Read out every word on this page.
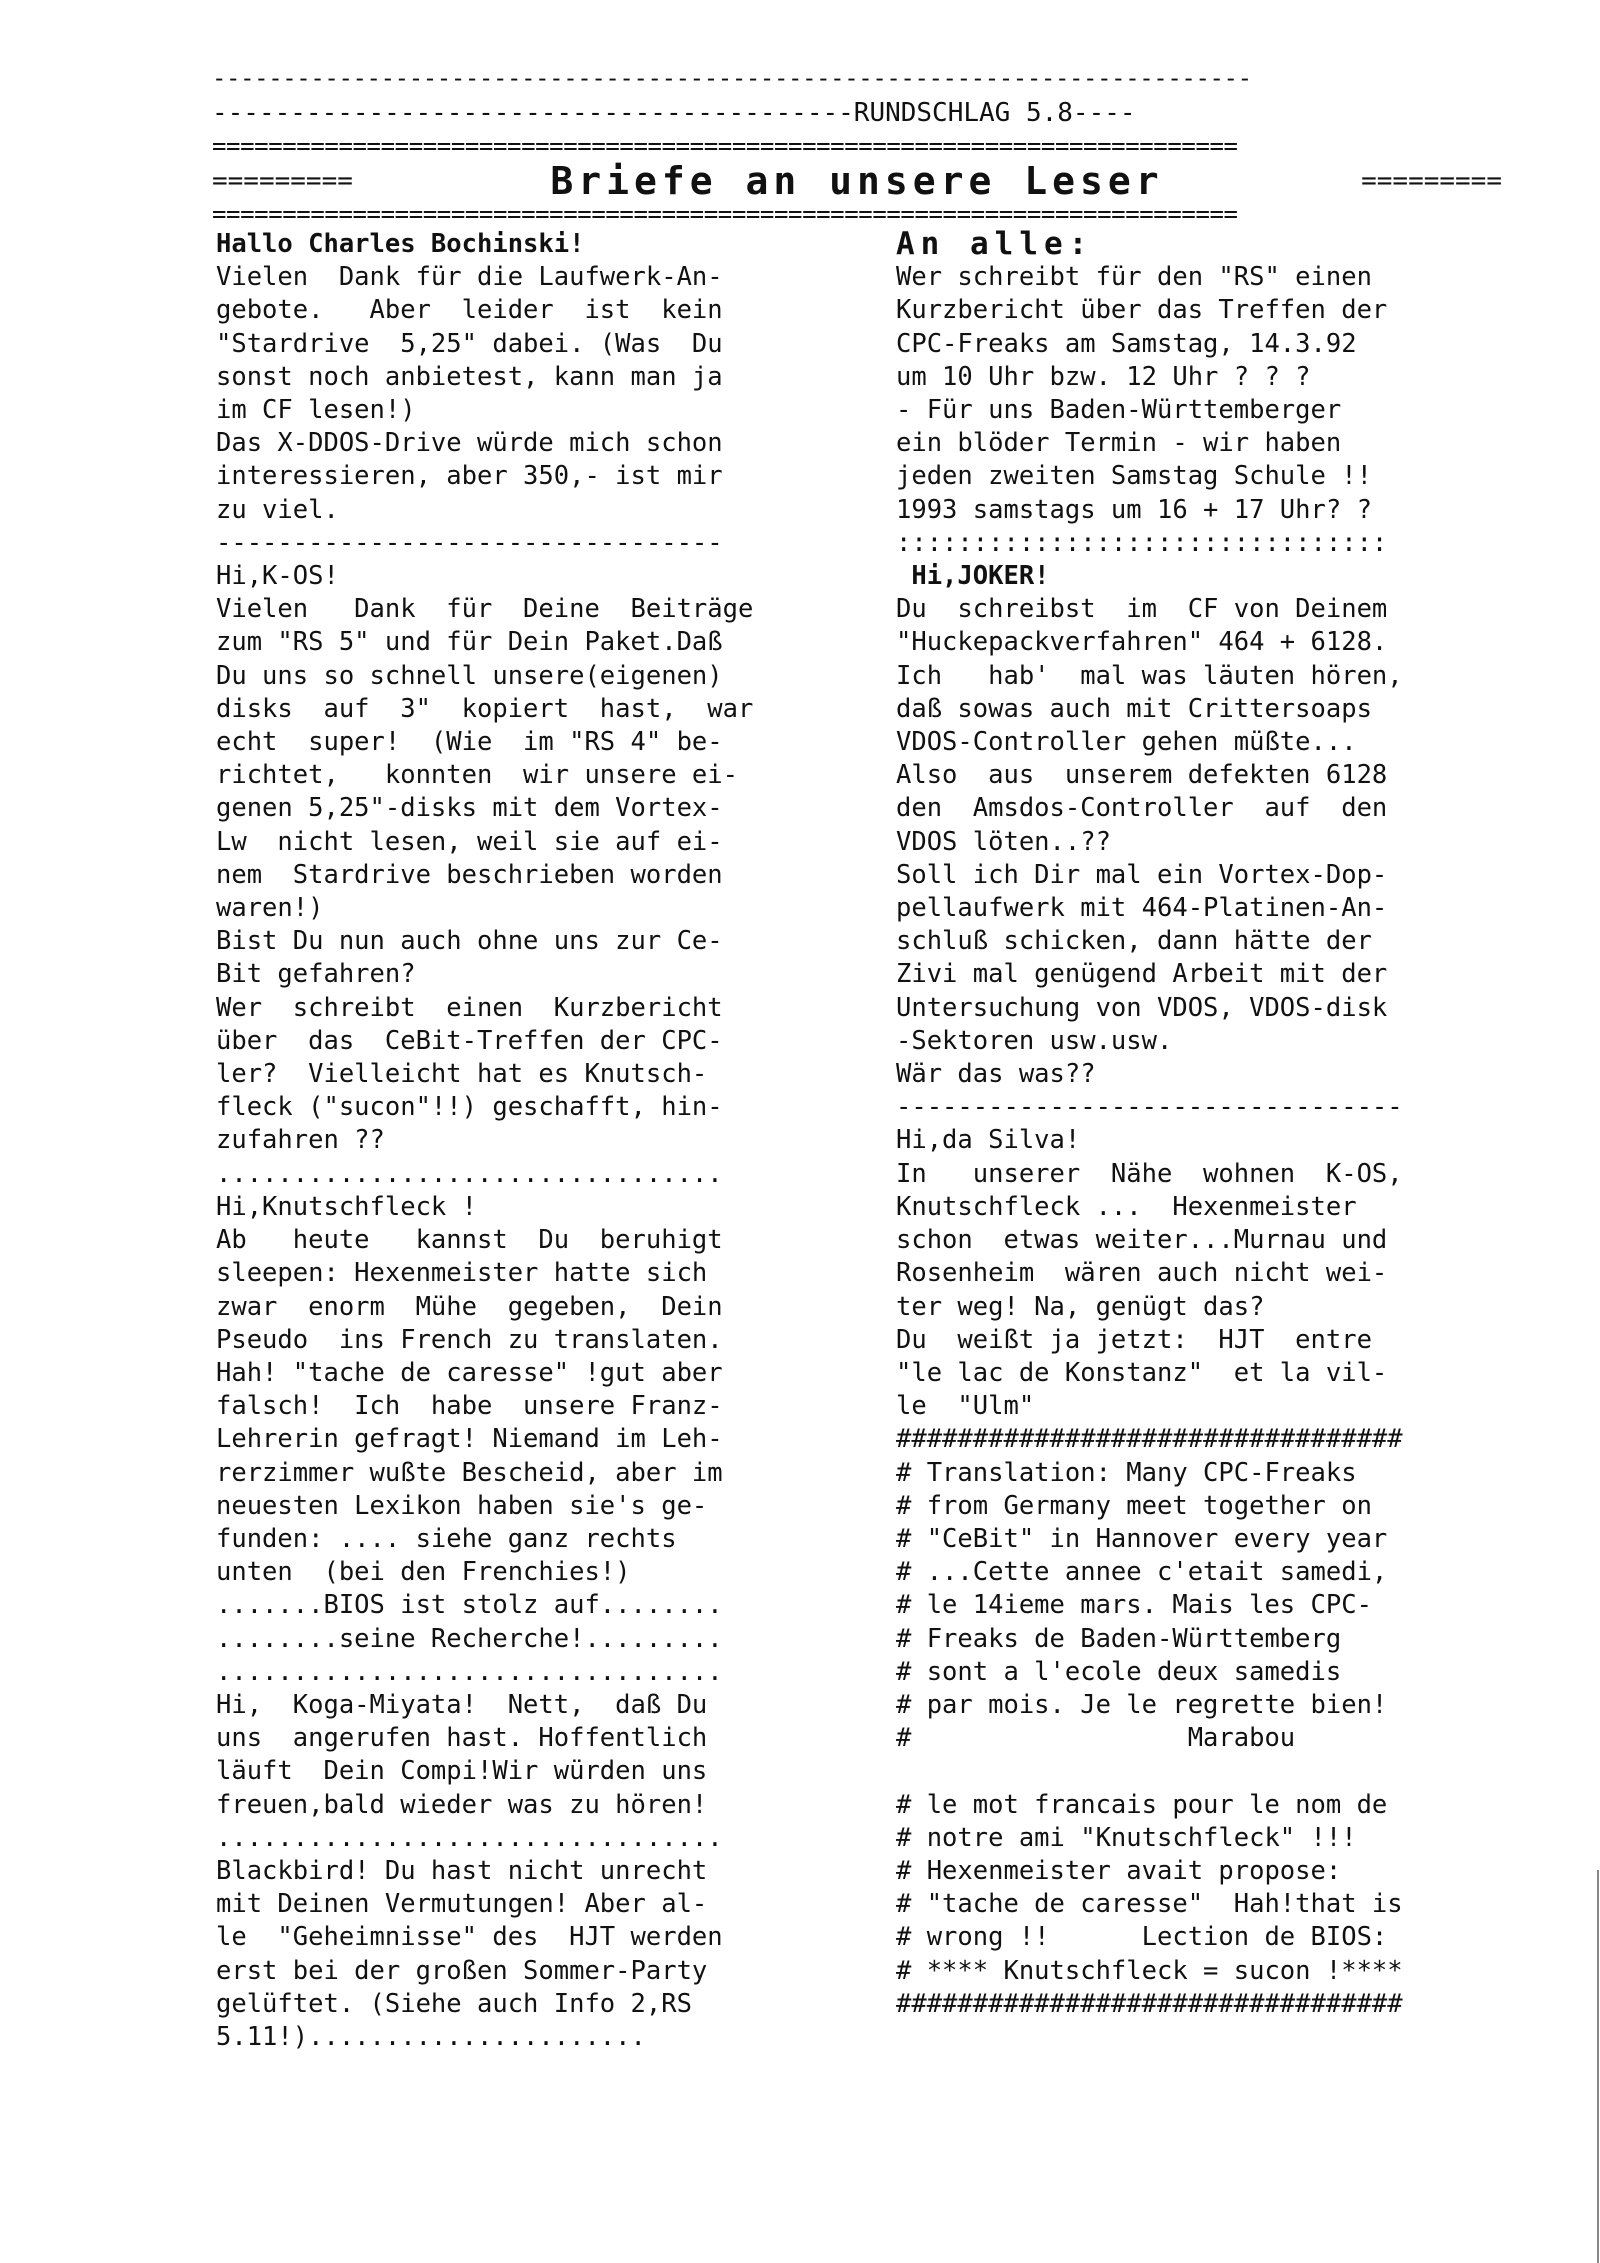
--------------------------------------------------------------------------
-----------------------------------------RUNDSCHLAG 5.8----
=========================================================================
=========	Briefe an unsere Leser	=========
=========================================================================
Hallo Charles Bochinski!
Vielen  Dank für die Laufwerk-An-
gebote.   Aber  leider  ist  kein
"Stardrive  5,25" dabei. (Was  Du
sonst noch anbietest, kann man ja
im CF lesen!)
Das X-DDOS-Drive würde mich schon
interessieren, aber 350,- ist mir
zu viel.
---------------------------------
Hi,K-OS!
Vielen   Dank  für  Deine  Beiträge
zum "RS 5" und für Dein Paket.Daß
Du uns so schnell unsere(eigenen)
disks  auf  3"  kopiert  hast,  war
echt  super!  (Wie  im "RS 4" be-
richtet,   konnten  wir unsere ei-
genen 5,25"-disks mit dem Vortex-
Lw  nicht lesen, weil sie auf ei-
nem  Stardrive beschrieben worden
waren!)
Bist Du nun auch ohne uns zur Ce-
Bit gefahren?
Wer  schreibt  einen  Kurzbericht
über  das  CeBit-Treffen der CPC-
ler?  Vielleicht hat es Knutsch-
fleck ("sucon"!!) geschafft, hin-
zufahren ??
.................................
Hi,Knutschfleck !
Ab   heute   kannst  Du  beruhigt
sleepen: Hexenmeister hatte sich
zwar  enorm  Mühe  gegeben,  Dein
Pseudo  ins French zu translaten.
Hah! "tache de caresse" !gut aber
falsch!  Ich  habe  unsere Franz-
Lehrerin gefragt! Niemand im Leh-
rerzimmer wußte Bescheid, aber im
neuesten Lexikon haben sie's ge-
funden: .... siehe ganz rechts
unten  (bei den Frenchies!)
.......BIOS ist stolz auf........
........seine Recherche!.........
.................................
Hi,  Koga-Miyata!  Nett,  daß Du
uns  angerufen hast. Hoffentlich
läuft  Dein Compi!Wir würden uns
freuen,bald wieder was zu hören!
.................................
Blackbird! Du hast nicht unrecht
mit Deinen Vermutungen! Aber al-
le  "Geheimnisse" des  HJT werden
erst bei der großen Sommer-Party
gelüftet. (Siehe auch Info 2,RS
5.11!)......................
An alle:
Wer schreibt für den "RS" einen
Kurzbericht über das Treffen der
CPC-Freaks am Samstag, 14.3.92
um 10 Uhr bzw. 12 Uhr ? ? ?
- Für uns Baden-Württemberger
ein blöder Termin - wir haben
jeden zweiten Samstag Schule !!
1993 samstags um 16 + 17 Uhr? ?
::::::::::::::::::::::::::::::::
Hi,JOKER!
Du  schreibst  im  CF von Deinem
"Huckepackverfahren" 464 + 6128.
Ich   hab'  mal was läuten hören,
daß sowas auch mit Crittersoaps
VDOS-Controller gehen müßte...
Also  aus  unserem defekten 6128
den  Amsdos-Controller  auf  den
VDOS löten..??
Soll ich Dir mal ein Vortex-Dop-
pellaufwerk mit 464-Platinen-An-
schluß schicken, dann hätte der
Zivi mal genügend Arbeit mit der
Untersuchung von VDOS, VDOS-disk
-Sektoren usw.usw.
Wär das was??
---------------------------------
Hi,da Silva!
In   unserer  Nähe  wohnen  K-OS,
Knutschfleck ...  Hexenmeister
schon  etwas weiter...Murnau und
Rosenheim  wären auch nicht wei-
ter weg! Na, genügt das?
Du  weißt ja jetzt:  HJT  entre
"le lac de Konstanz"  et la vil-
le  "Ulm"
#################################
# Translation: Many CPC-Freaks
# from Germany meet together on
# "CeBit" in Hannover every year
# ...Cette annee c'etait samedi,
# le 14ieme mars. Mais les CPC-
# Freaks de Baden-Württemberg
# sont a l'ecole deux samedis
# par mois. Je le regrette bien!
#                  Marabou

# le mot francais pour le nom de
# notre ami "Knutschfleck" !!!
# Hexenmeister avait propose:
# "tache de caresse"  Hah!that is
# wrong !!      Lection de BIOS:
# **** Knutschfleck = sucon !****
#################################
